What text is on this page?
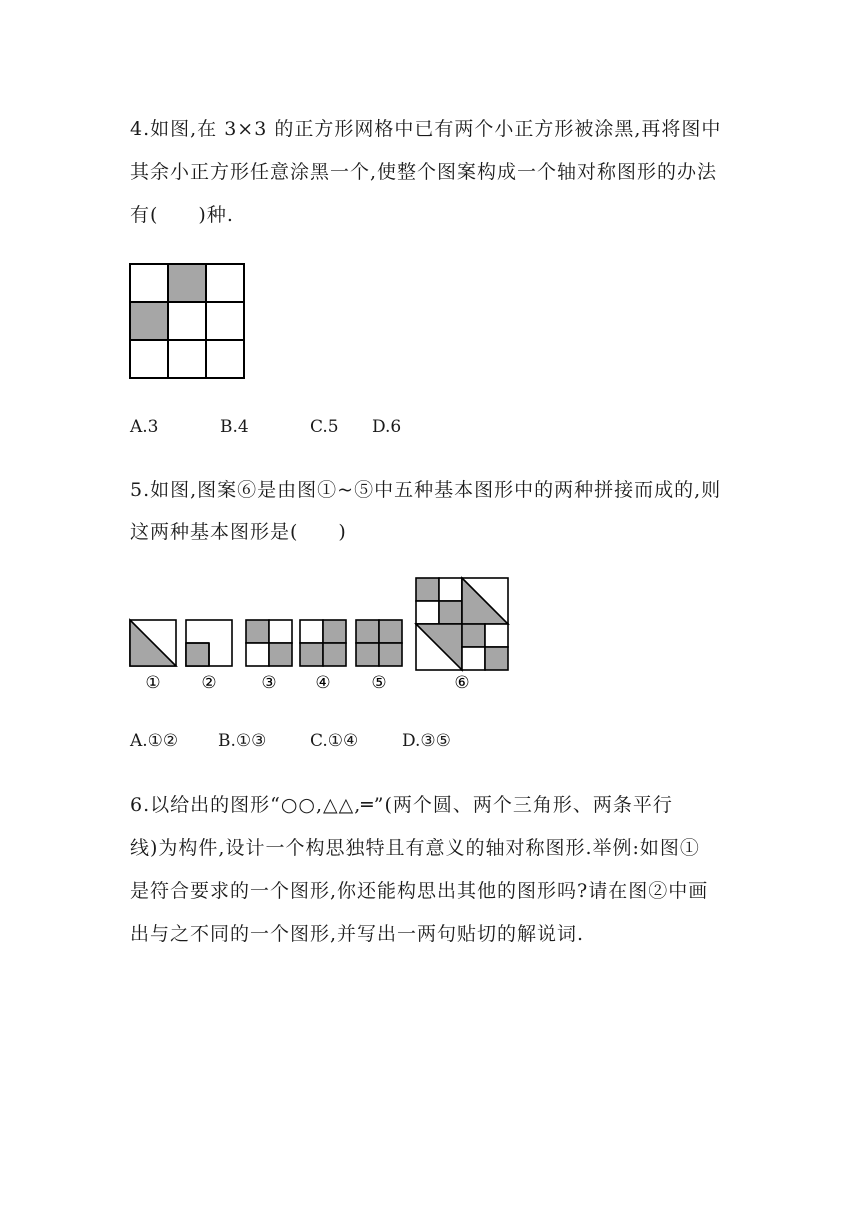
4.如图,在 3×3 的正方形网格中已有两个小正方形被涂黑,再将图中
其余小正方形任意涂黑一个,使整个图案构成一个轴对称图形的办法
有(　　)种.
A.3	B.4	C.5 D.6
5.如图,图案⑥是由图①~⑤中五种基本图形中的两种拼接而成的,则
这两种基本图形是(　　)
① ②	③ ④ ⑤	⑥
A.①② B.①③	C.①④	D.③⑤
6.以给出的图形“○○,△△,═”(两个圆、两个三角形、两条平行
线)为构件,设计一个构思独特且有意义的轴对称图形.举例:如图①
是符合要求的一个图形,你还能构思出其他的图形吗?请在图②中画
出与之不同的一个图形,并写出一两句贴切的解说词.
